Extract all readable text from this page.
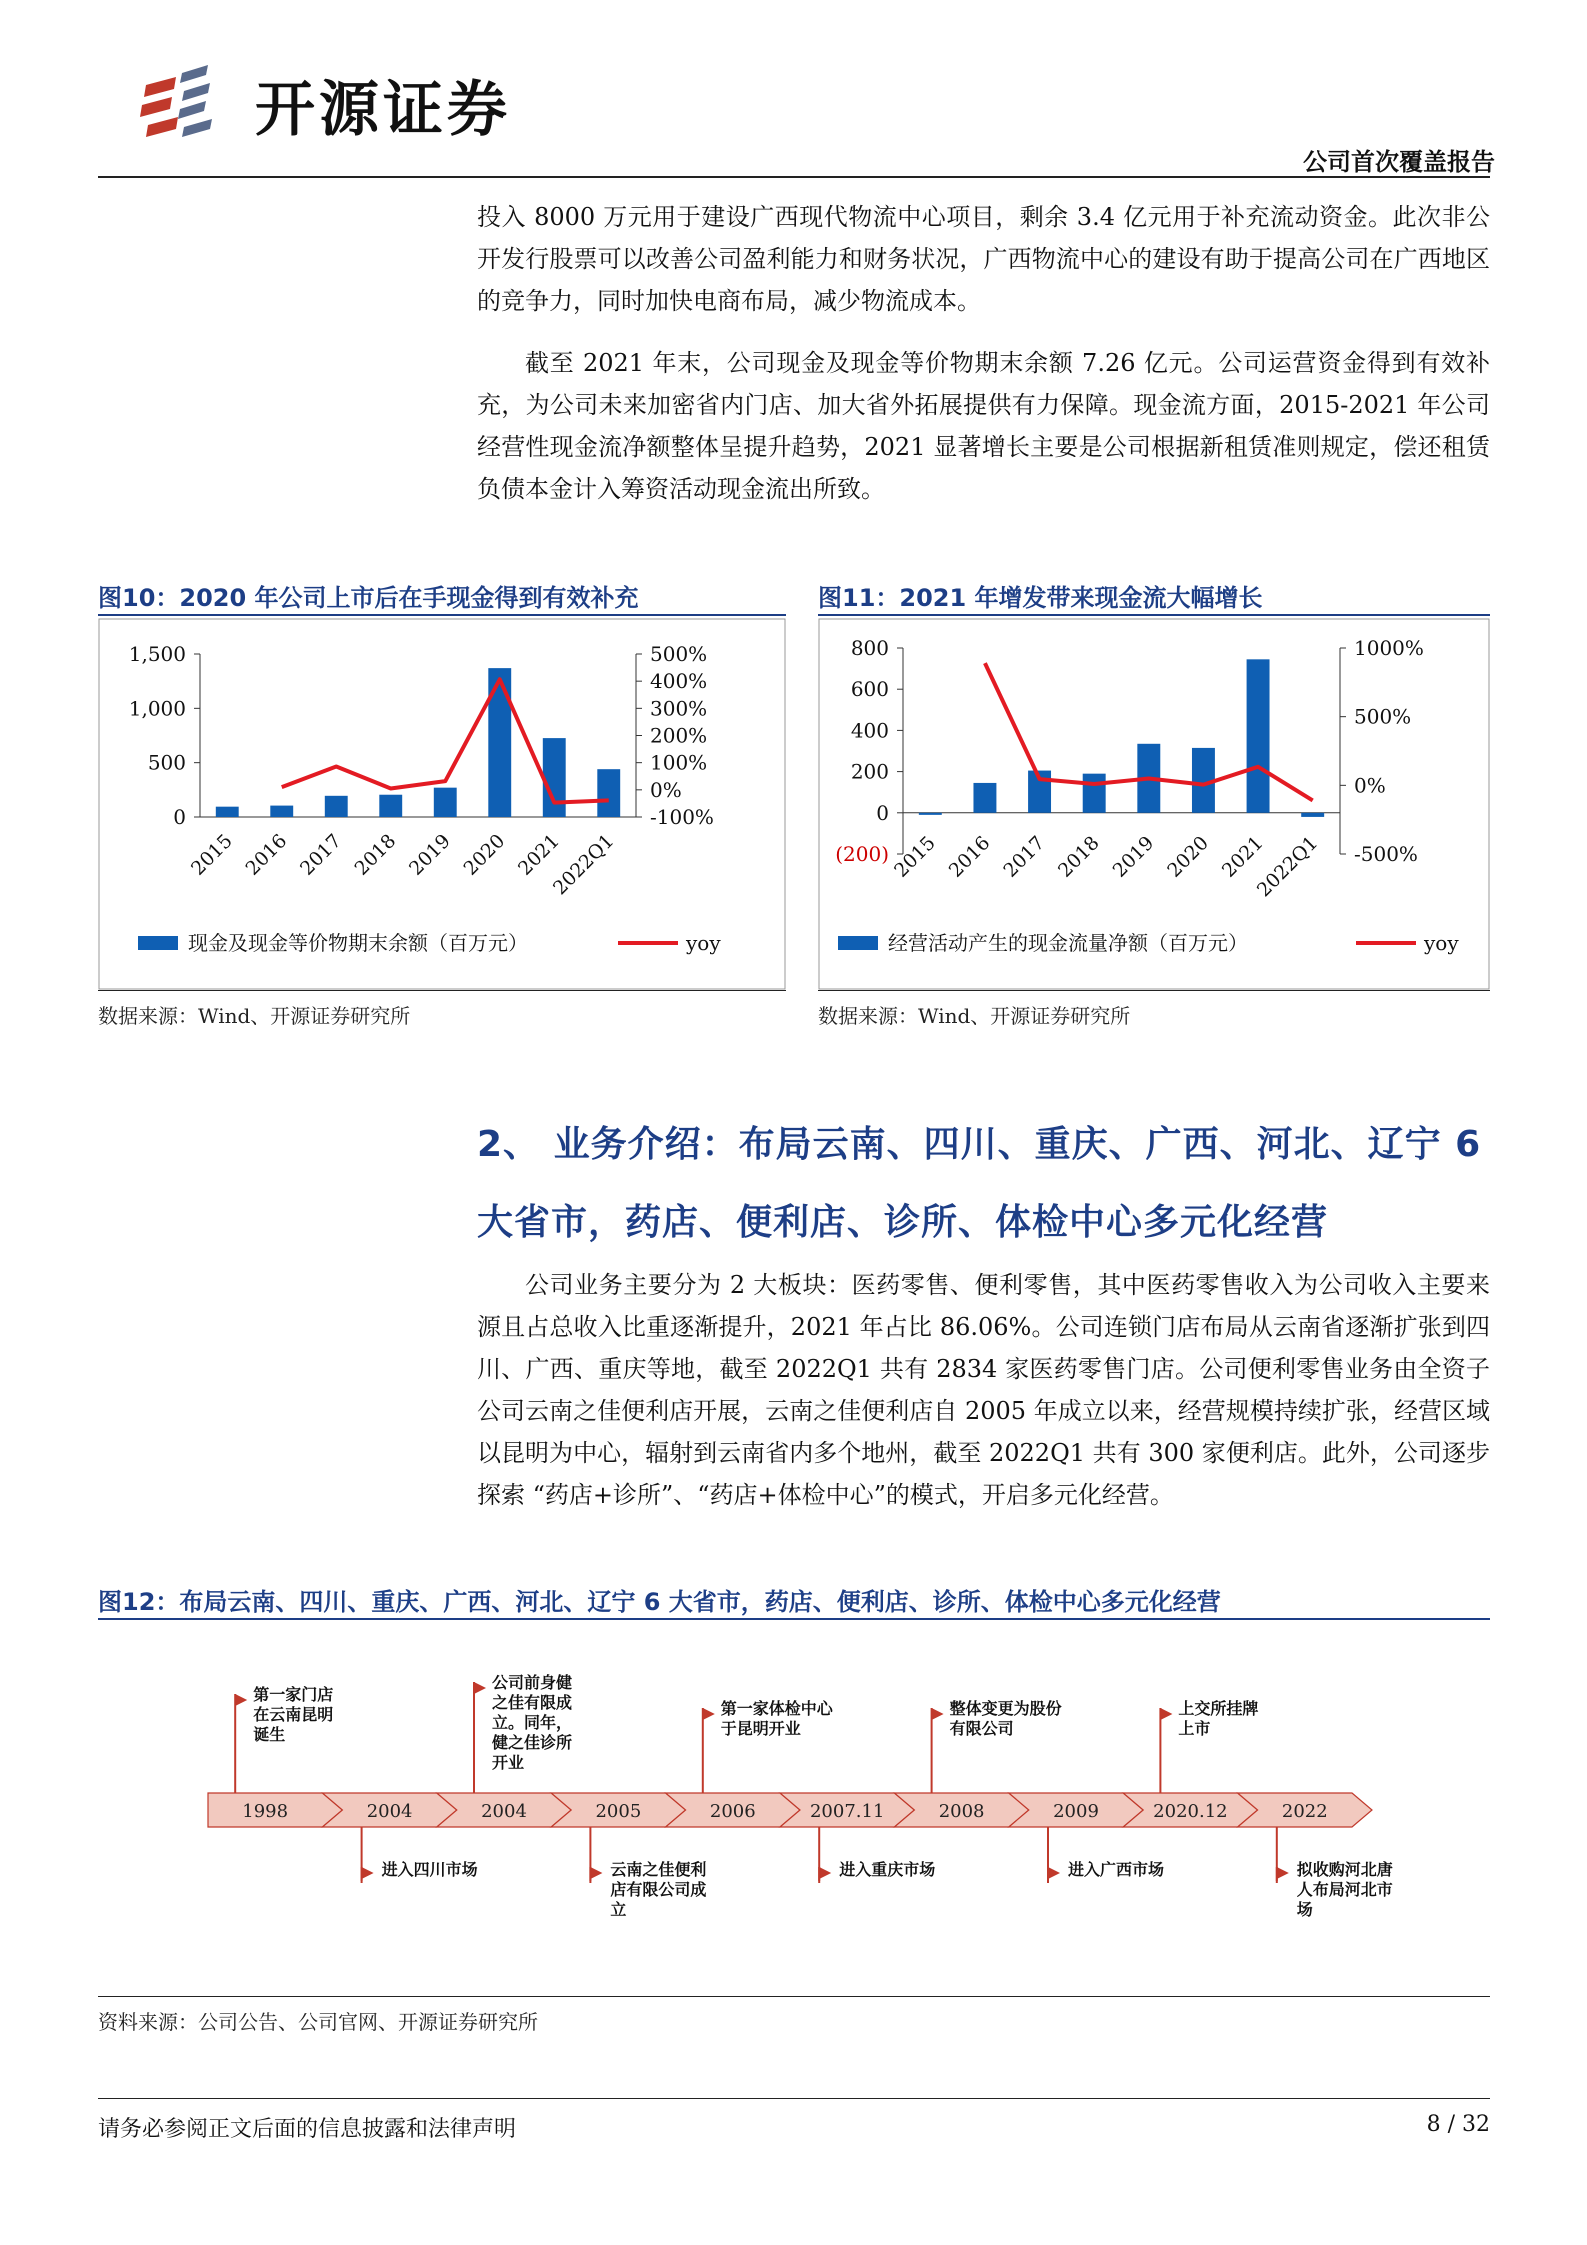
开源证券
公司首次覆盖报告
投入 8000 万元用于建设广西现代物流中心项目，剩余 3.4 亿元用于补充流动资金。此次非公开发行股票可以改善公司盈利能力和财务状况，广西物流中心的建设有助于提高公司在广西地区的竞争力，同时加快电商布局，减少物流成本。
截至 2021 年末，公司现金及现金等价物期末余额 7.26 亿元。公司运营资金得到有效补充，为公司未来加密省内门店、加大省外拓展提供有力保障。现金流方面，2015-2021 年公司经营性现金流净额整体呈提升趋势，2021 显著增长主要是公司根据新租赁准则规定，偿还租赁负债本金计入筹资活动现金流出所致。
图10：2020 年公司上市后在手现金得到有效补充
0
500
1,000
1,500
-100%
0%
100%
200%
300%
400%
500%
2015 2016 2017 2018 2019 2020 2021
2022Q1
现金及现金等价物期末余额（百万元）	yoy
数据来源：Wind、开源证券研究所
图11：2021 年增发带来现金流大幅增长
(200)
0
200
400
600
800
-500%
0%
500%
1000%
2015 2016 2017 2018 2019 2020 2021
2022Q1
经营活动产生的现金流量净额（百万元）	yoy
数据来源：Wind、开源证券研究所
2、 业务介绍：布局云南、四川、重庆、广西、河北、辽宁 6
大省市，药店、便利店、诊所、体检中心多元化经营
公司业务主要分为 2 大板块：医药零售、便利零售，其中医药零售收入为公司收入主要来源且占总收入比重逐渐提升，2021 年占比 86.06%。公司连锁门店布局从云南省逐渐扩张到四川、广西、重庆等地，截至 2022Q1 共有 2834 家医药零售门店。公司便利零售业务由全资子公司云南之佳便利店开展，云南之佳便利店自 2005 年成立以来，经营规模持续扩张，经营区域以昆明为中心，辐射到云南省内多个地州，截至 2022Q1 共有 300 家便利店。此外，公司逐步探索 “药店+诊所”、“药店+体检中心”的模式，开启多元化经营。
图12：布局云南、四川、重庆、广西、河北、辽宁 6 大省市，药店、便利店、诊所、体检中心多元化经营
1998	2004	2004	2005	2006	2007.11	2008	2009	2020.12	2022
第一家门店
在云南昆明
诞生
公司前身健
之佳有限成
立。同年，
健之佳诊所
开业
第一家体检中心
于昆明开业
整体变更为股份
有限公司
上交所挂牌
上市
进入四川市场	云南之佳便利
店有限公司成
立
进入重庆市场	进入广西市场	拟收购河北唐
人布局河北市
场
资料来源：公司公告、公司官网、开源证券研究所
请务必参阅正文后面的信息披露和法律声明	8 / 32
